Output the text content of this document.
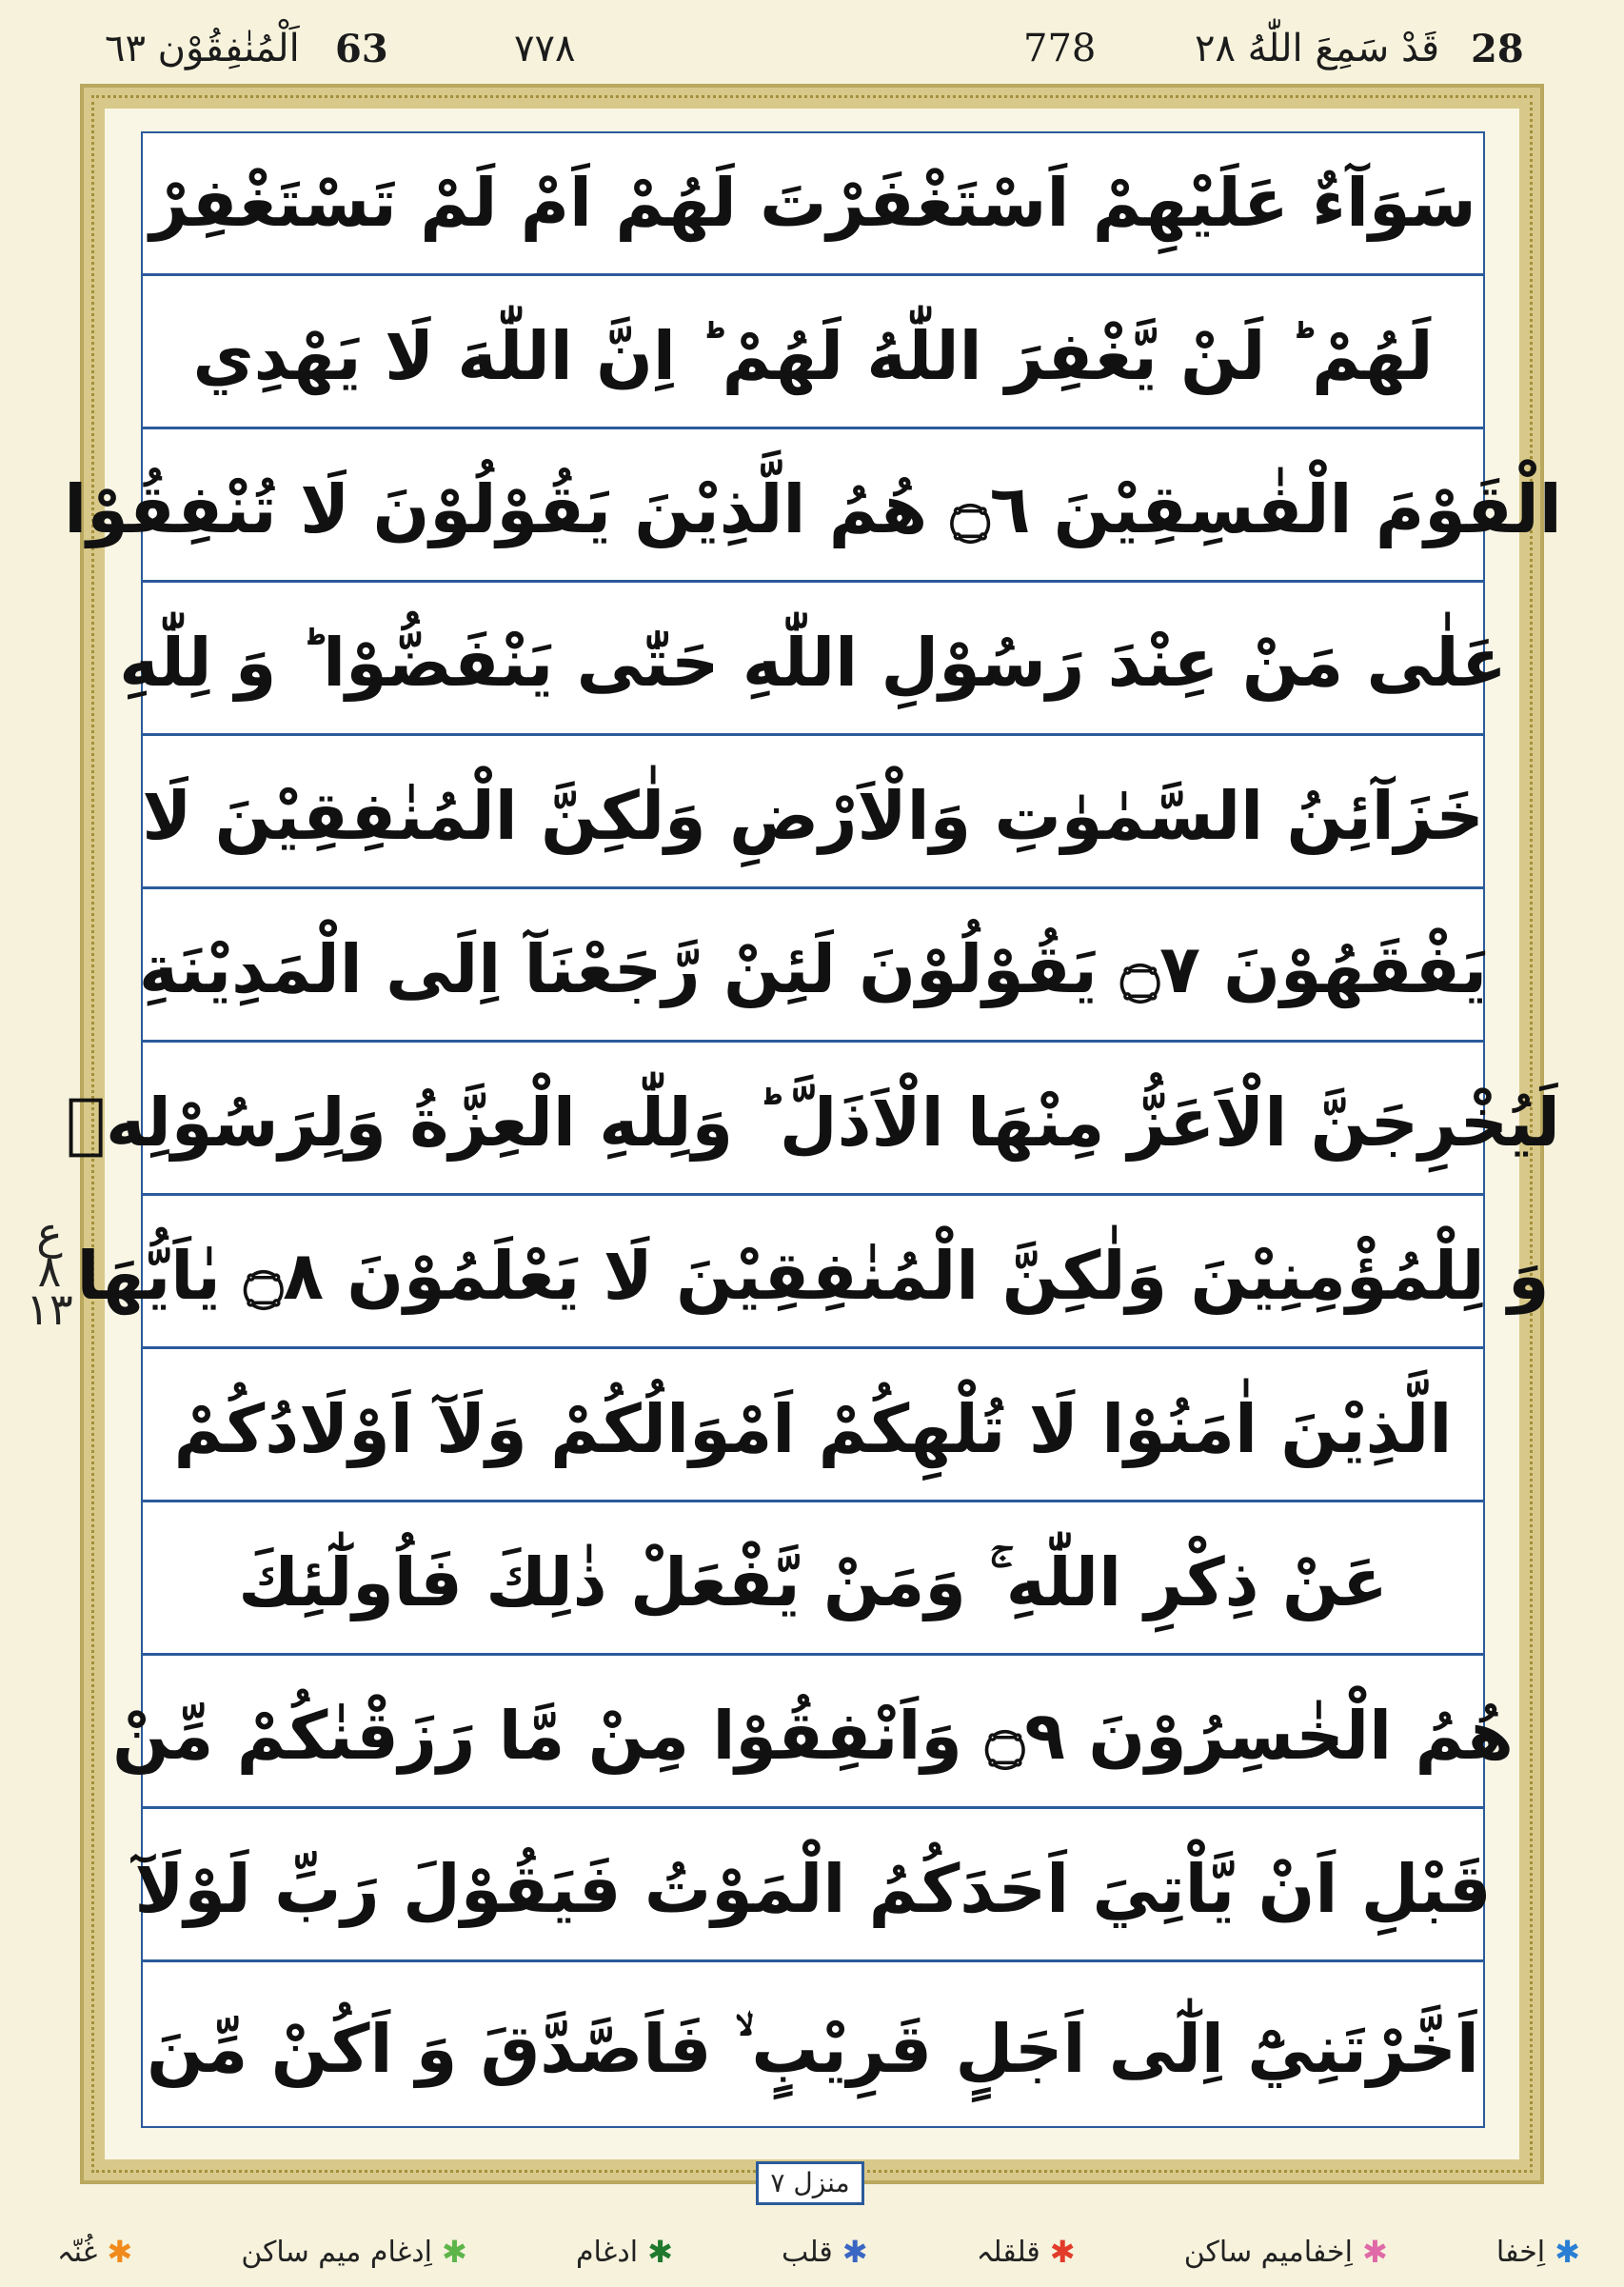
28
قَدْ سَمِعَ اللّٰهُ ٢٨
778
٧٧٨
63
اَلْمُنٰفِقُوْن ٦٣
سَوَآءٌ عَلَيْهِمْ اَسْتَغْفَرْتَ لَهُمْ اَمْ لَمْ تَسْتَغْفِرْ
لَهُمْ ؕ لَنْ يَّغْفِرَ اللّٰهُ لَهُمْ ؕ اِنَّ اللّٰهَ لَا يَهْدِي
الْقَوْمَ الْفٰسِقِيْنَ ۝٦ هُمُ الَّذِيْنَ يَقُوْلُوْنَ لَا تُنْفِقُوْا
عَلٰى مَنْ عِنْدَ رَسُوْلِ اللّٰهِ حَتّٰى يَنْفَضُّوْا ؕ وَ لِلّٰهِ
خَزَآئِنُ السَّمٰوٰتِ وَالْاَرْضِ وَلٰكِنَّ الْمُنٰفِقِيْنَ لَا
يَفْقَهُوْنَ ۝٧ يَقُوْلُوْنَ لَئِنْ رَّجَعْنَآ اِلَى الْمَدِيْنَةِ
لَيُخْرِجَنَّ الْاَعَزُّ مِنْهَا الْاَذَلَّ ؕ وَلِلّٰهِ الْعِزَّةُ وَلِرَسُوْلِهٖ
وَ لِلْمُؤْمِنِيْنَ وَلٰكِنَّ الْمُنٰفِقِيْنَ لَا يَعْلَمُوْنَ ۝٨ يٰاَيُّهَا
الَّذِيْنَ اٰمَنُوْا لَا تُلْهِكُمْ اَمْوَالُكُمْ وَلَآ اَوْلَادُكُمْ
عَنْ ذِكْرِ اللّٰهِ ۚ وَمَنْ يَّفْعَلْ ذٰلِكَ فَاُولٰٓئِكَ
هُمُ الْخٰسِرُوْنَ ۝٩ وَاَنْفِقُوْا مِنْ مَّا رَزَقْنٰكُمْ مِّنْ
قَبْلِ اَنْ يَّاْتِيَ اَحَدَكُمُ الْمَوْتُ فَيَقُوْلَ رَبِّ لَوْلَآ
اَخَّرْتَنِيْٓ اِلٰٓى اَجَلٍ قَرِيْبٍ ۙ فَاَصَّدَّقَ وَ اَكُنْ مِّنَ
ع ٨ ١٣
منزل ٧
✱
اِخفا
✱
اِخفامیم ساکن
✱
قلقلہ
✱
قلب
✱
ادغام
✱
اِدغام میم ساکن
✱
غُنّہ
